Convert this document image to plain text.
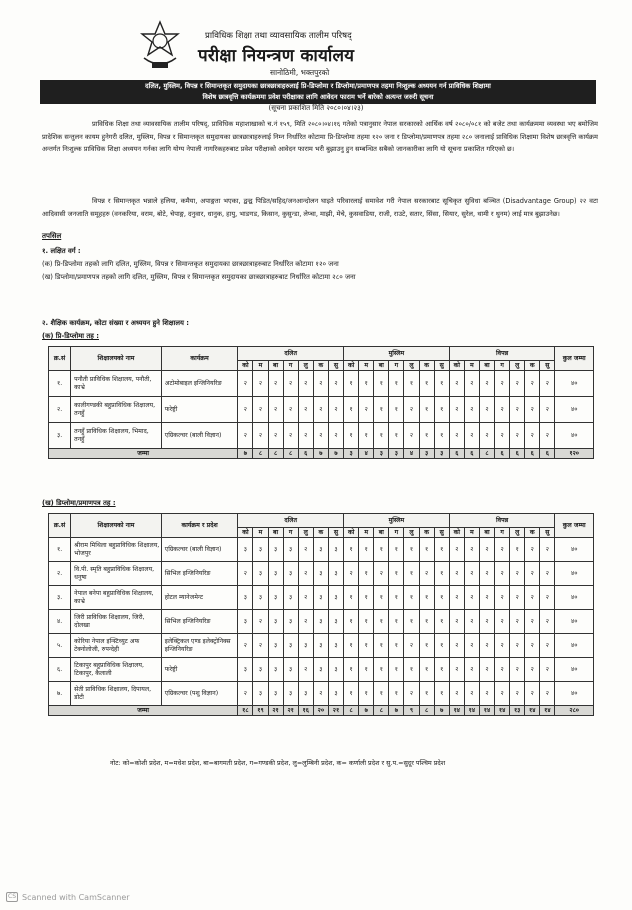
प्राविधिक शिक्षा तथा व्यावसायिक तालीम परिषद्
परीक्षा नियन्त्रण कार्यालय
सानोठिमी, भक्तपुरको
दलित, मुस्लिम, विपन्न र सिमान्तकृत समुदायका छात्रछात्राहरुलाई प्रि-डिप्लोमा र डिप्लोमा/प्रमाणपत्र तहमा निःशुल्क अध्ययन गर्न प्राविधिक शिक्षामा
विशेष छात्रवृत्ति कार्यक्रममा प्रवेश परीक्षाका लागि आवेदन फाराम भर्ने बारेको अत्यन्त जरुरी सूचना
(सूचना प्रकाशित मिति २०८०।०४।२३)
प्राविधिक शिक्षा तथा व्यावसायिक तालीम परिषद्, प्राविधिक महाशाखाको च.नं १५९, मिति २०८०।०४।१६ गतेको पत्रानुसार नेपाल सरकारको आर्थिक वर्ष २०८०/०८१ को बजेट तथा कार्यक्रममा व्यवस्था भए बमोजिम प्रादेशिक सन्तुलन कायम हुनेगरी दलित, मुस्लिम, विपन्न र सिमान्तकृत समुदायका छात्रछात्राहरुलाई निम्न निर्धारित कोटामा प्रि-डिप्लोमा तहमा १२० जना र डिप्लोमा/प्रमाणपत्र तहमा २८० जनालाई प्राविधिक शिक्षामा विशेष छात्रवृत्ति कार्यक्रम अन्तर्गत निःशुल्क प्राविधिक शिक्षा अध्ययन गर्नका लागि योग्य नेपाली नागरिकहरुबाट प्रवेश परीक्षाको आवेदन फाराम भरी बुझाउनु हुन सम्बन्धित सबैको जानकारीका लागि यो सूचना प्रकाशित गरिएको छ।
विपन्न र सिमान्तकृत भन्नाले हलिया, कमैया, अपाङ्गता भएका, द्वन्द्व पिडित/सहिद/जनआन्दोलन घाइते परिवारलाई समावेश गरी नेपाल सरकारबाट सूचिकृत सुविधा बञ्चित (Disadvantage Group) २२ वटा आदिवासी जनजाति समूहहरु (वनकरिया, वराम, बोटे, चेपाङ्ग, दनुवार, धानुक, हायु, भाङगड, किसान, कुसुन्डा, लेप्चा, माझी, मेचे, कुसवाडिया, राजी, राउटे, सतार, सिंसा, सियार, सुरेल, थामी र थुनम) लाई मात्र बुझाउनेछ।
तपसिल
१. लक्षित वर्ग :
(क) प्रि-डिप्लोमा तहको लागि दलित, मुस्लिम, विपन्न र सिमान्तकृत समुदायका छात्रछात्राहरुबाट निर्धारित कोटामा १२० जना
(ख) डिप्लोमा/प्रमाणपत्र तहको लागि दलित, मुस्लिम, विपन्न र सिमान्तकृत समुदायका छात्रछात्राहरुबाट निर्धारित कोटामा २८० जना
२. शैक्षिक कार्यक्रम, कोटा संख्या र अध्ययन हुने शिक्षालय :
(क) प्रि-डिप्लोमा तह :
क्र.सं	शिक्षालयको नाम	कार्यक्रम	दलित							मुस्लिम							विपन्न							कुल जम्मा
			को	म	बा	ग	लु	क	सु	को	म	बा	ग	लु	क	सु	को	म	बा	ग	लु	क	सु	
१.	पनौती प्राविधिक शिक्षालय, पनौती, काभ्रे	अटोमोबाइल इन्जिनियरिङ	२	२	२	२	२	२	२	१	१	१	१	१	१	१	२	२	२	२	२	२	२	४०
२.	कालीगण्डकी बहुप्राविधिक शिक्षालय, तनहुँ	फरेष्ट्री	२	२	२	२	२	२	२	१	२	१	१	२	१	१	२	२	२	२	२	२	२	४०
३.	तनहुँ प्राविधिक शिक्षालय, भिमाद, तनहुँ	एग्रिकल्चर (बाली विज्ञान)	२	२	२	२	२	२	२	१	१	१	१	२	१	१	२	२	२	२	२	२	२	४०
जम्मा			७	८	८	८	६	७	७	३	४	३	३	४	३	३	६	६	८	६	६	६	६	१२०
(ख) डिप्लोमा/प्रमाणपत्र तह :
क्र.सं	शिक्षालयको नाम	कार्यक्रम र प्रदेश	दलित							मुस्लिम							विपन्न							कुल जम्मा
			को	म	बा	ग	लु	क	सु	को	म	बा	ग	लु	क	सु	को	म	बा	ग	लु	क	सु	
१.	श्रीराम मिथिला बहुप्राविधिक शिक्षालय, भोजपुर	एग्रिकल्चर (बाली विज्ञान)	३	३	३	३	२	३	३	१	१	१	१	१	१	१	२	२	२	२	१	२	२	४०
२.	वि.पी. स्मृति बहुप्राविधिक शिक्षालय, धनुषा	सिभिल इन्जिनियरिङ	२	३	३	३	२	३	३	२	१	२	१	१	२	१	२	२	२	२	२	२	२	४०
३.	नेपाल बनेपा बहुप्राविधिक शिक्षालय, काभ्रे	होटल म्यानेजमेन्ट	३	३	३	३	२	३	३	१	१	१	१	१	१	१	२	२	२	२	२	२	२	४०
४.	जिरी प्राविधिक शिक्षालय, जिरी, दोलखा	सिभिल इन्जिनियरिङ	३	२	३	३	२	३	३	१	१	१	१	१	१	१	२	२	२	२	२	२	२	४०
५.	कोरिया नेपाल इन्स्टिच्युट अफ टेक्नोलोजी, रुपन्देही	इलेक्ट्रिकल एण्ड इलेक्ट्रोनिक्स इन्जिनियरिङ	२	२	३	३	३	३	३	१	१	१	१	२	१	१	२	२	२	२	२	२	२	४०
६.	टिकापुर बहुप्राविधिक शिक्षालय, टिकापुर, कैलाली	फरेष्ट्री	३	३	३	३	२	३	३	१	१	१	१	१	१	१	२	२	२	२	२	२	२	४०
७.	सेती प्राविधिक शिक्षालय, दिपायल, डोटी	एग्रिकल्चर (पशु विज्ञान)	२	३	३	३	३	२	३	१	१	१	१	२	१	१	२	२	२	२	२	२	२	४०
जम्मा			१८	१९	२१	२१	१६	२०	२१	८	७	८	७	९	८	७	१४	१४	१४	१४	१३	१४	१४	२८०
नोट: को=कोशी प्रदेश, म=मधेश प्रदेश, बा=बागमती प्रदेश, ग=गण्डकी प्रदेश, लु=लुम्बिनी प्रदेश, क= कर्णाली प्रदेश र सु.प.=सुदूर पश्चिम प्रदेश
CS Scanned with CamScanner
